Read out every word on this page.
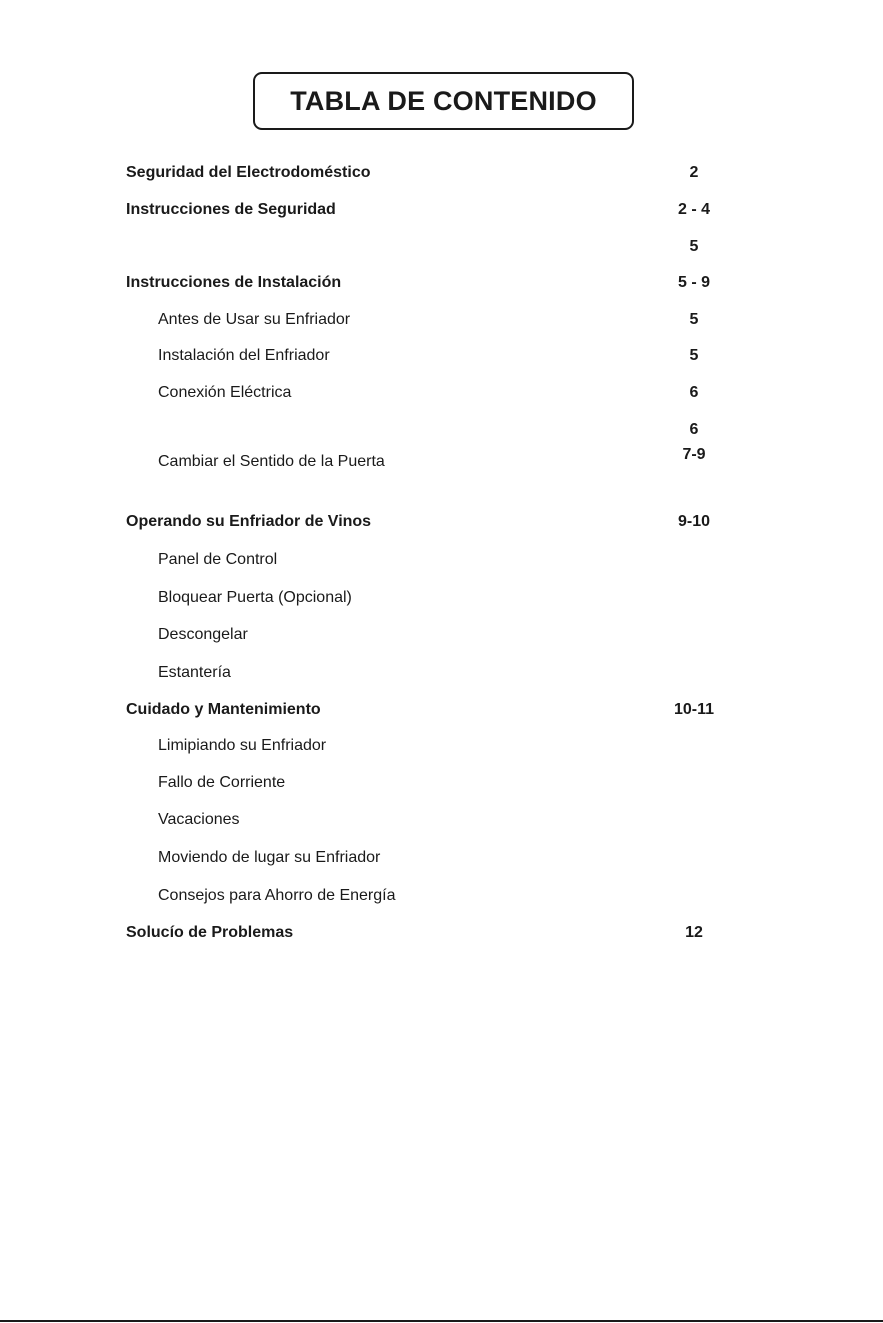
TABLA DE CONTENIDO
Seguridad del Electrodoméstico	2
Instrucciones de Seguridad	2 - 4
5
Instrucciones de Instalación	5 - 9
Antes de Usar su Enfriador	5
Instalación del Enfriador	5
Conexión Eléctrica	6
6
Cambiar el Sentido de la Puerta	7-9
Operando su Enfriador de Vinos	9-10
Panel de Control
Bloquear Puerta (Opcional)
Descongelar
Estantería
Cuidado y Mantenimiento	10-11
Limipiando su Enfriador
Fallo de Corriente
Vacaciones
Moviendo de lugar su Enfriador
Consejos para Ahorro de Energía
Solucío de Problemas	12
